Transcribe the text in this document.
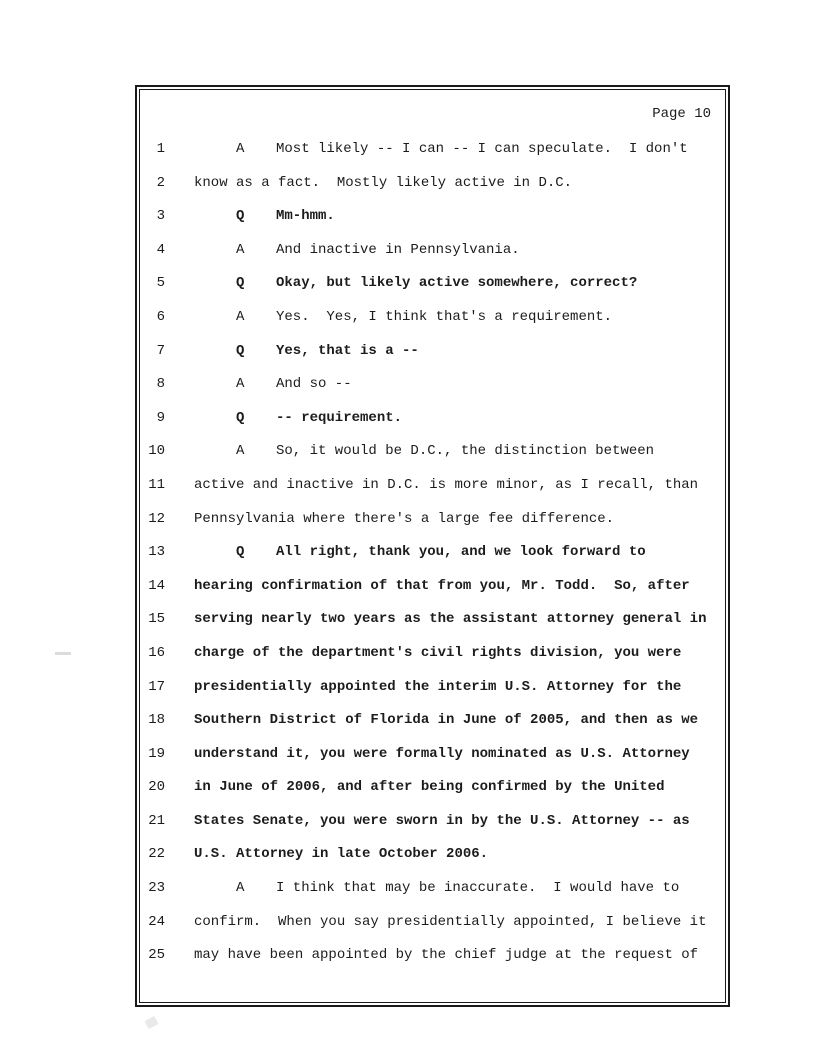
Page 10
1	A Most likely -- I can -- I can speculate.  I don't
2	know as a fact.  Mostly likely active in D.C.
3	Q Mm-hmm.
4	A And inactive in Pennsylvania.
5	Q Okay, but likely active somewhere, correct?
6	A Yes.  Yes, I think that's a requirement.
7	Q Yes, that is a --
8	A And so --
9	Q -- requirement.
10	A So, it would be D.C., the distinction between
11	active and inactive in D.C. is more minor, as I recall, than
12	Pennsylvania where there's a large fee difference.
13	Q All right, thank you, and we look forward to
14	hearing confirmation of that from you, Mr. Todd.  So, after
15	serving nearly two years as the assistant attorney general in
16	charge of the department's civil rights division, you were
17	presidentially appointed the interim U.S. Attorney for the
18	Southern District of Florida in June of 2005, and then as we
19	understand it, you were formally nominated as U.S. Attorney
20	in June of 2006, and after being confirmed by the United
21	States Senate, you were sworn in by the U.S. Attorney -- as
22	U.S. Attorney in late October 2006.
23	A I think that may be inaccurate.  I would have to
24	confirm.  When you say presidentially appointed, I believe it
25	may have been appointed by the chief judge at the request of
